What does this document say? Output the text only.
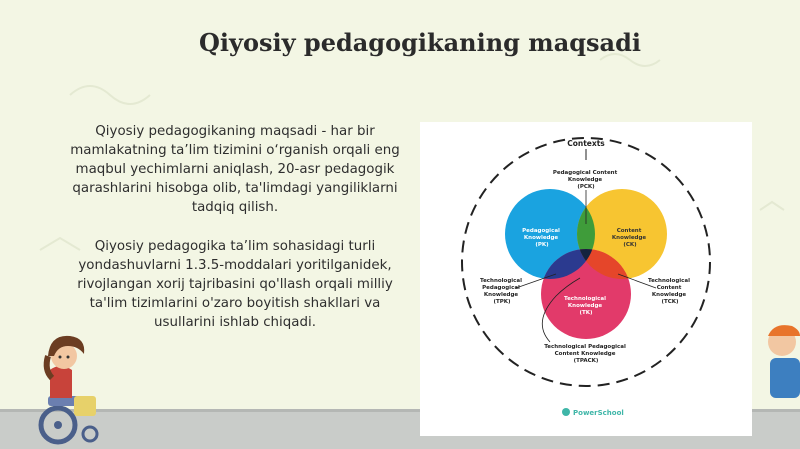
Qiyosiy pedagogikaning maqsadi

Qiyosiy pedagogikaning maqsadi - har bir mamlakatning ta’lim tizimini o‘rganish orqali eng maqbul yechimlarni aniqlash, 20-asr pedagogik qarashlarini hisobga olib, ta'limdagi yangiliklarni tadqiq qilish.

Qiyosiy pedagogika ta’lim sohasidagi turli yondashuvlarni 1.3.5-moddalari yoritilganidek, rivojlangan xorij tajribasini qo'llash orqali milliy ta'lim tizimlarini o'zaro boyitish shakllari va usullarini ishlab chiqadi.

Contexts
Pedagogical Content Knowledge (PCK)
Pedagogical Knowledge (PK)
Content Knowledge (CK)
Technological Knowledge (TK)
Technological Pedagogical Knowledge (TPK)
Technological Content Knowledge (TCK)
Technological Pedagogical Content Knowledge (TPACK)
PowerSchool
